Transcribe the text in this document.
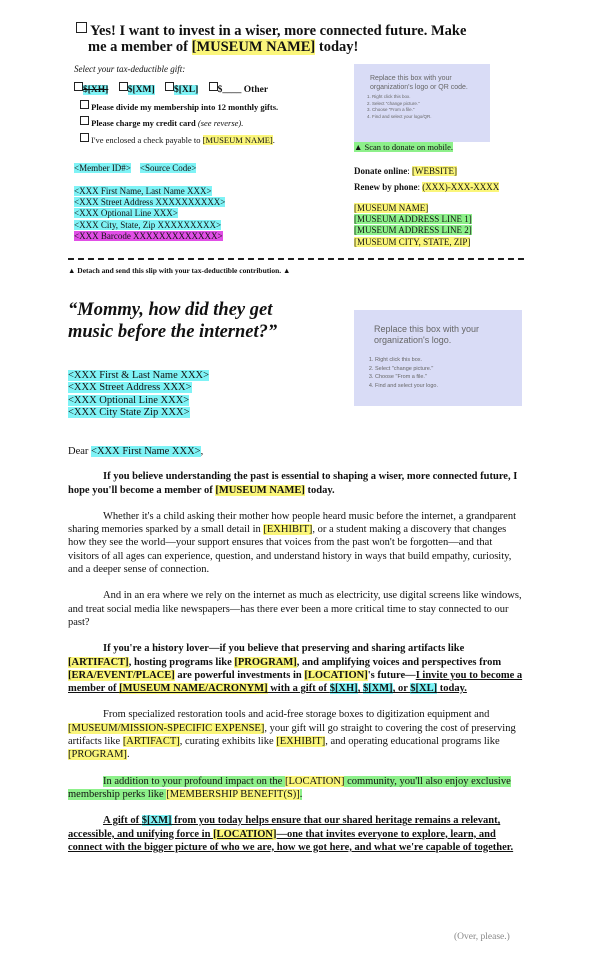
Yes! I want to invest in a wiser, more connected future. Make
me a member of [MUSEUM NAME] today!
Select your tax-deductible gift:
$[XH] $[XM] $[XL] $____ Other
Please divide my membership into 12 monthly gifts.
Please charge my credit card (see reverse).
I've enclosed a check payable to [MUSEUM NAME].
Replace this box with your organization's logo or QR code.
1. Right click this box.
2. Select "change picture."
3. Choose "From a file."
4. Find and select your logo/QR.
▲ Scan to donate on mobile.
<Member ID#> <Source Code>
<XXX First Name, Last Name XXX>
<XXX Street Address XXXXXXXXXX>
<XXX Optional Line XXX>
<XXX City, State, Zip XXXXXXXXX>
<XXX Barcode XXXXXXXXXXXXX>
Donate online: [WEBSITE]
Renew by phone: (XXX)-XXX-XXXX
[MUSEUM NAME]
[MUSEUM ADDRESS LINE 1]
[MUSEUM ADDRESS LINE 2]
[MUSEUM CITY, STATE, ZIP]
▲ Detach and send this slip with your tax-deductible contribution. ▲
“Mommy, how did they get
music before the internet?”	Replace this box with your organization's logo.
1. Right click this box.
2. Select "change picture."
3. Choose "From a file."
4. Find and select your logo.
<XXX First & Last Name XXX>
<XXX Street Address XXX>
<XXX Optional Line XXX>
<XXX City State Zip XXX>

Dear <XXX First Name XXX>,

If you believe understanding the past is essential to shaping a wiser, more connected future, I hope you'll become a member of [MUSEUM NAME] today.

Whether it's a child asking their mother how people heard music before the internet, a grandparent sharing memories sparked by a small detail in [EXHIBIT], or a student making a discovery that changes how they see the world—your support ensures that voices from the past won't be forgotten—and that visitors of all ages can experience, question, and understand history in ways that build empathy, curiosity, and a deeper sense of connection.

And in an era where we rely on the internet as much as electricity, use digital screens like windows, and treat social media like newspapers—has there ever been a more critical time to stay connected to our past?

If you're a history lover—if you believe that preserving and sharing artifacts like [ARTIFACT], hosting programs like [PROGRAM], and amplifying voices and perspectives from [ERA/EVENT/PLACE] are powerful investments in [LOCATION]'s future—I invite you to become a member of [MUSEUM NAME/ACRONYM] with a gift of $[XH], $[XM], or $[XL] today.

From specialized restoration tools and acid-free storage boxes to digitization equipment and [MUSEUM/MISSION-SPECIFIC EXPENSE], your gift will go straight to covering the cost of preserving artifacts like [ARTIFACT], curating exhibits like [EXHIBIT], and operating educational programs like [PROGRAM].

In addition to your profound impact on the [LOCATION] community, you'll also enjoy exclusive membership perks like [MEMBERSHIP BENEFIT(S)].

A gift of $[XM] from you today helps ensure that our shared heritage remains a relevant, accessible, and unifying force in [LOCATION]—one that invites everyone to explore, learn, and connect with the bigger picture of who we are, how we got here, and what we're capable of together.

(Over, please.)
